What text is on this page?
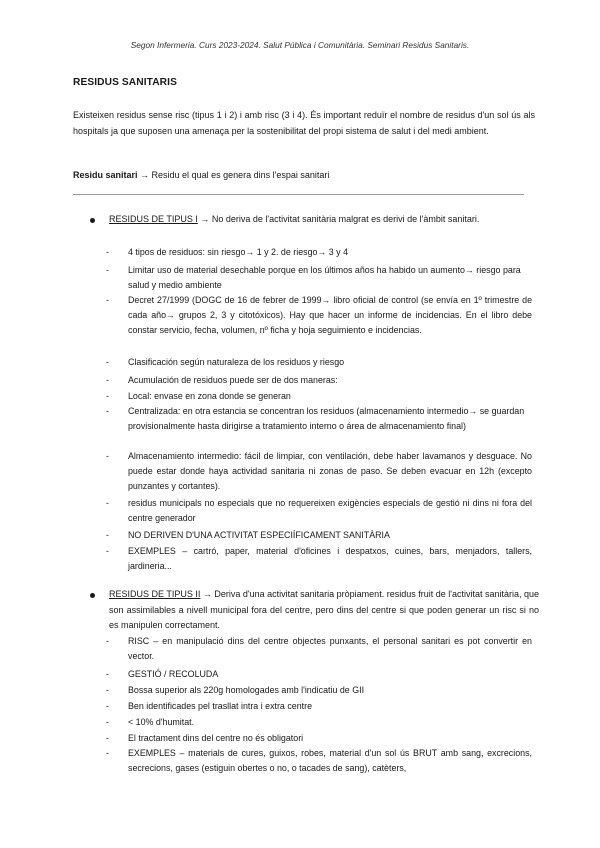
Segon Infermeria. Curs 2023-2024. Salut Pública i Comunitària. Seminari Residus Sanitaris.
RESIDUS SANITARIS
Existeixen residus sense risc (tipus 1 i 2) i amb risc (3 i 4). És important reduïr el nombre de residus d'un sol ús als hospitals ja que suposen una amenaça per la sostenibilitat del propi sistema de salut i del medi ambient.
Residu sanitari → Residu el qual es genera dins l'espai sanitari
RESIDUS DE TIPUS I → No deriva de l'activitat sanitària malgrat es derivi de l'àmbit sanitari.
- 4 tipos de residuos: sin riesgo→ 1 y 2. de riesgo→ 3 y 4
- Limitar uso de material desechable porque en los últimos años ha habido un aumento→ riesgo para salud y medio ambiente
- Decret 27/1999 (DOGC de 16 de febrer de 1999→ libro oficial de control (se envía en 1º trimestre de cada año→ grupos 2, 3 y citotóxicos). Hay que hacer un informe de incidencias. En el libro debe constar servicio, fecha, volumen, nº ficha y hoja seguimiento e incidencias.
- Clasificación según naturaleza de los residuos y riesgo
- Acumulación de residuos puede ser de dos maneras:
- Local: envase en zona donde se generan
- Centralizada: en otra estancia se concentran los residuos (almacenamiento intermedio→ se guardan provisionalmente hasta dirigirse a tratamiento interno o área de almacenamiento final)
- Almacenamiento intermedio: fácil de limpiar, con ventilación, debe haber lavamanos y desguace. No puede estar donde haya actividad sanitaria ni zonas de paso. Se deben evacuar en 12h (excepto punzantes y cortantes).
- residus municipals no especials que no requereixen exigències especials de gestió ni dins ni fora del centre generador
- NO DERIVEN D'UNA ACTIVITAT ESPECIÍFICAMENT SANITÀRIA
- EXEMPLES – cartró, paper, material d'oficines i despatxos, cuines, bars, menjadors, tallers, jardineria...
RESIDUS DE TIPUS II → Deriva d'una activitat sanitaria pròpiament. residus fruit de l'activitat sanitària, que son assimilables a nivell municipal fora del centre, pero dins del centre si que poden generar un risc si no es manipulen correctament.
- RISC – en manipulació dins del centre objectes punxants, el personal sanitari es pot convertir en vector.
- GESTIÓ / RECOLUDA
- Bossa superior als 220g homologades amb l'indicatiu de GII
- Ben identificades pel trasllat intra i extra centre
- < 10% d'humitat.
- El tractament dins del centre no és obligatori
- EXEMPLES – materials de cures, guixos, robes, material d'un sol ús BRUT amb sang, excrecions, secrecions, gases (estiguin obertes o no, o tacades de sang), catèters,
